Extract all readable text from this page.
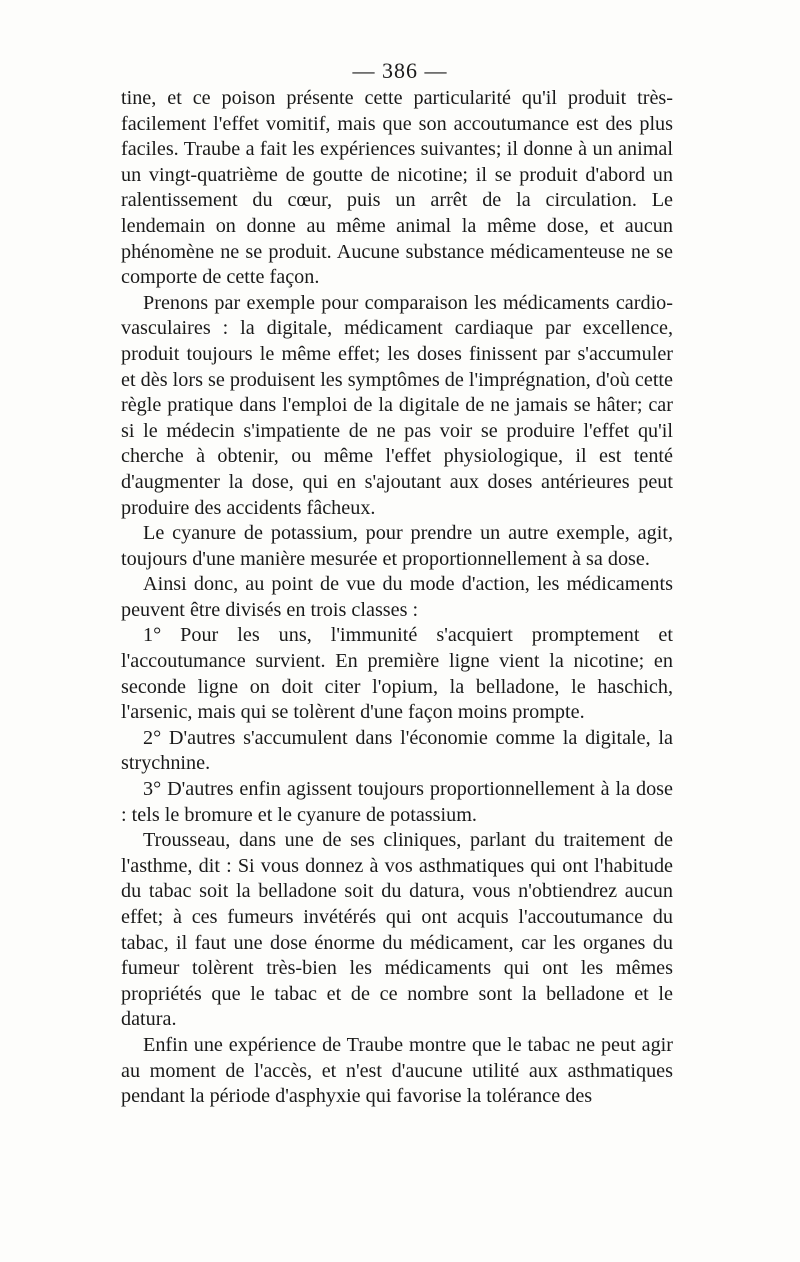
— 386 —

tine, et ce poison présente cette particularité qu'il produit très-facilement l'effet vomitif, mais que son accoutumance est des plus faciles. Traube a fait les expériences suivantes; il donne à un animal un vingt-quatrième de goutte de nicotine; il se produit d'abord un ralentissement du cœur, puis un arrêt de la circulation. Le lendemain on donne au même animal la même dose, et aucun phénomène ne se produit. Aucune substance médicamenteuse ne se comporte de cette façon.

Prenons par exemple pour comparaison les médicaments cardio-vasculaires : la digitale, médicament cardiaque par excellence, produit toujours le même effet; les doses finissent par s'accumuler et dès lors se produisent les symptômes de l'imprégnation, d'où cette règle pratique dans l'emploi de la digitale de ne jamais se hâter; car si le médecin s'impatiente de ne pas voir se produire l'effet qu'il cherche à obtenir, ou même l'effet physiologique, il est tenté d'augmenter la dose, qui en s'ajoutant aux doses antérieures peut produire des accidents fâcheux.

Le cyanure de potassium, pour prendre un autre exemple, agit, toujours d'une manière mesurée et proportionnellement à sa dose.

Ainsi donc, au point de vue du mode d'action, les médicaments peuvent être divisés en trois classes :

1° Pour les uns, l'immunité s'acquiert promptement et l'accoutumance survient. En première ligne vient la nicotine; en seconde ligne on doit citer l'opium, la belladone, le haschich, l'arsenic, mais qui se tolèrent d'une façon moins prompte.

2° D'autres s'accumulent dans l'économie comme la digitale, la strychnine.

3° D'autres enfin agissent toujours proportionnellement à la dose : tels le bromure et le cyanure de potassium.

Trousseau, dans une de ses cliniques, parlant du traitement de l'asthme, dit : Si vous donnez à vos asthmatiques qui ont l'habitude du tabac soit la belladone soit du datura, vous n'obtiendrez aucun effet; à ces fumeurs invétérés qui ont acquis l'accoutumance du tabac, il faut une dose énorme du médicament, car les organes du fumeur tolèrent très-bien les médicaments qui ont les mêmes propriétés que le tabac et de ce nombre sont la belladone et le datura.

Enfin une expérience de Traube montre que le tabac ne peut agir au moment de l'accès, et n'est d'aucune utilité aux asthmatiques pendant la période d'asphyxie qui favorise la tolérance des
